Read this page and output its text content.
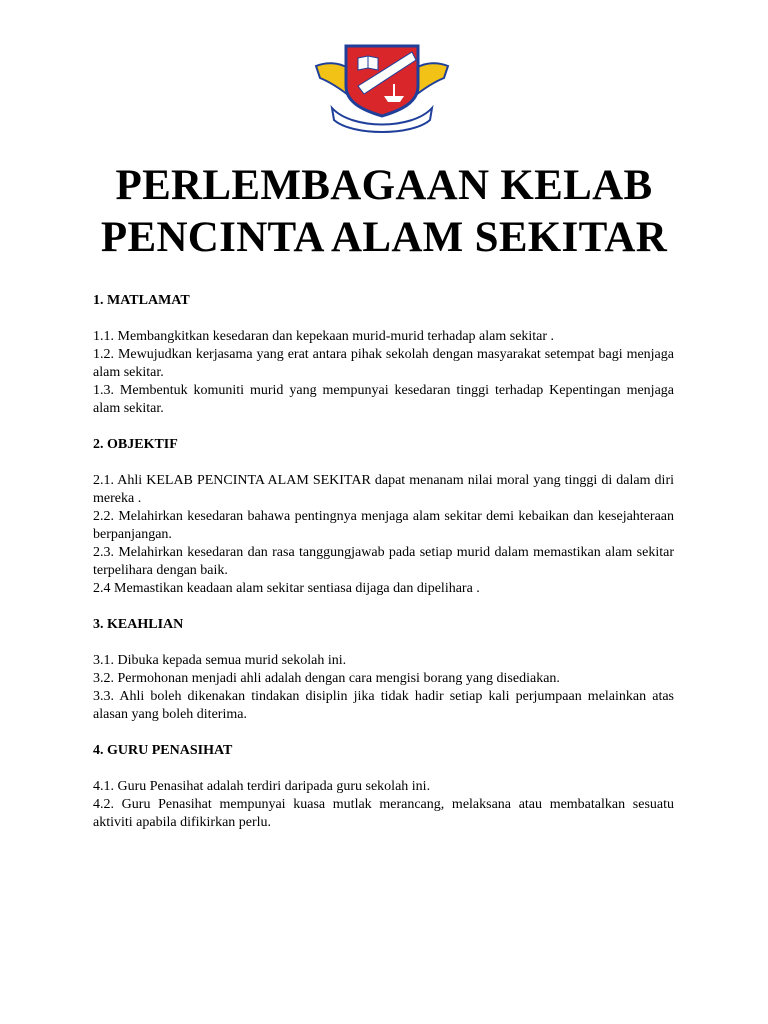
PERLEMBAGAAN KELAB
PENCINTA ALAM SEKITAR
1. MATLAMAT
1.1. Membangkitkan kesedaran dan kepekaan murid-murid terhadap alam sekitar .
1.2. Mewujudkan kerjasama yang erat antara pihak sekolah dengan masyarakat setempat bagi menjaga alam sekitar.
1.3. Membentuk komuniti murid yang mempunyai kesedaran tinggi terhadap Kepentingan menjaga alam sekitar.
2. OBJEKTIF
2.1. Ahli KELAB PENCINTA ALAM SEKITAR dapat menanam nilai moral yang tinggi di dalam diri mereka .
2.2. Melahirkan kesedaran bahawa pentingnya menjaga alam sekitar demi kebaikan dan kesejahteraan berpanjangan.
2.3. Melahirkan kesedaran dan rasa tanggungjawab pada setiap murid dalam memastikan alam sekitar terpelihara dengan baik.
2.4 Memastikan keadaan alam sekitar sentiasa dijaga dan dipelihara .
3. KEAHLIAN
3.1. Dibuka kepada semua murid sekolah ini.
3.2. Permohonan menjadi ahli adalah dengan cara mengisi borang yang disediakan.
3.3. Ahli boleh dikenakan tindakan disiplin jika tidak hadir setiap kali perjumpaan melainkan atas alasan yang boleh diterima.
4. GURU PENASIHAT
4.1. Guru Penasihat adalah terdiri daripada guru sekolah ini.
4.2. Guru Penasihat mempunyai kuasa mutlak merancang, melaksana atau membatalkan sesuatu aktiviti apabila difikirkan perlu.
